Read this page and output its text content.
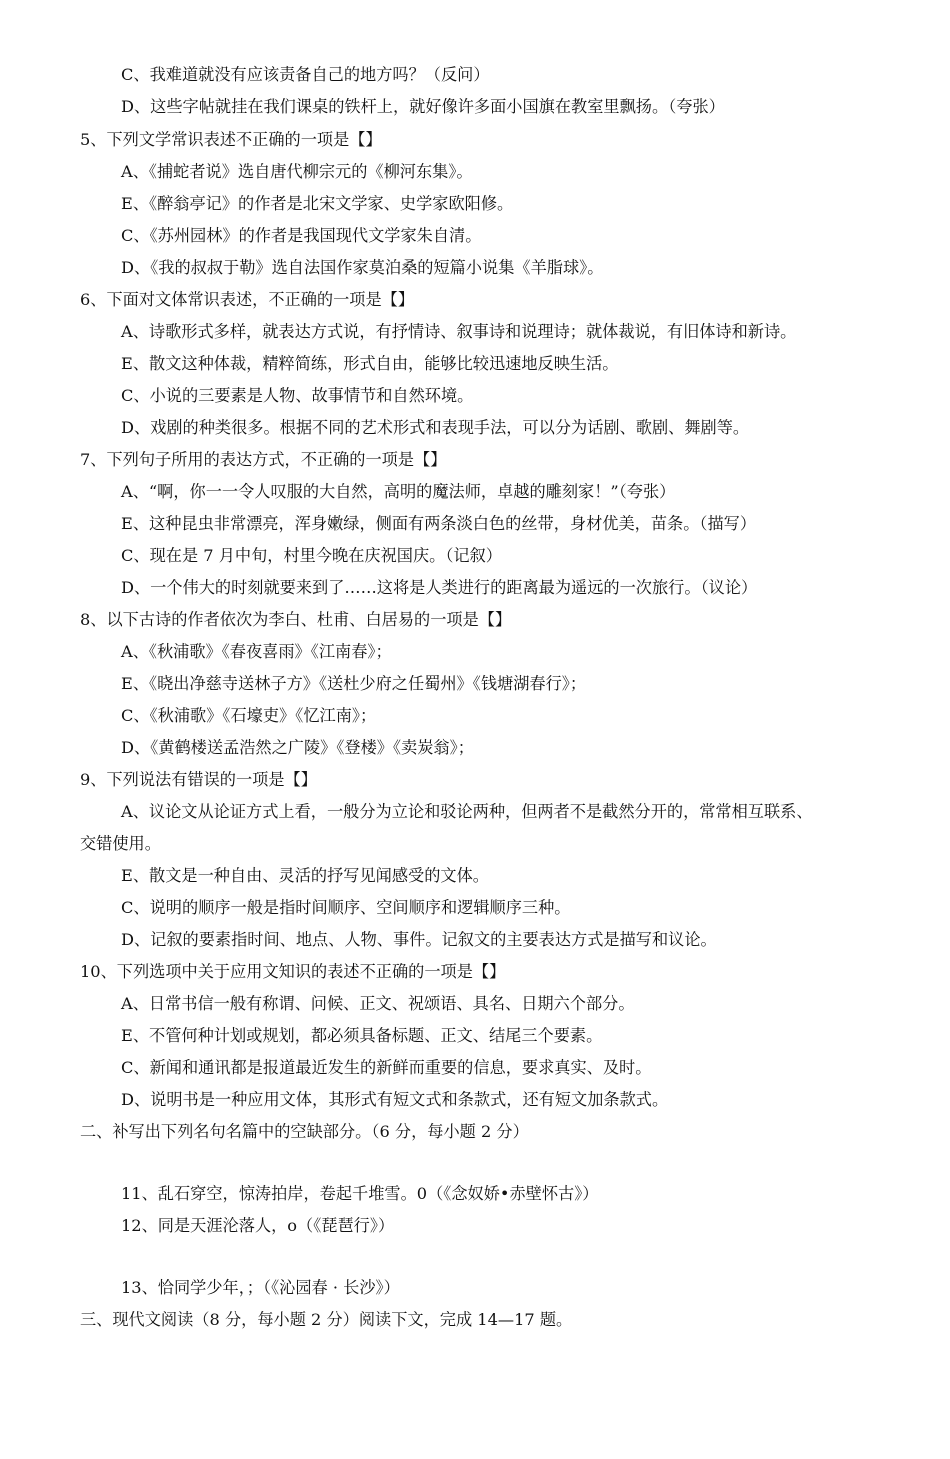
C、我难道就没有应该责备自己的地方吗？（反问）

D、这些字帖就挂在我们课桌的铁杆上，就好像许多面小国旗在教室里飘扬。（夸张）

5、下列文学常识表述不正确的一项是【】

A、《捕蛇者说》选自唐代柳宗元的《柳河东集》。

E、《醉翁亭记》的作者是北宋文学家、史学家欧阳修。

C、《苏州园林》的作者是我国现代文学家朱自清。

D、《我的叔叔于勒》选自法国作家莫泊桑的短篇小说集《羊脂球》。

6、下面对文体常识表述，不正确的一项是【】

A、诗歌形式多样，就表达方式说，有抒情诗、叙事诗和说理诗；就体裁说，有旧体诗和新诗。

E、散文这种体裁，精粹简练，形式自由，能够比较迅速地反映生活。

C、小说的三要素是人物、故事情节和自然环境。

D、戏剧的种类很多。根据不同的艺术形式和表现手法，可以分为话剧、歌剧、舞剧等。

7、下列句子所用的表达方式，不正确的一项是【】

A、“啊，你一一令人叹服的大自然，高明的魔法师，卓越的雕刻家！”（夸张）

E、这种昆虫非常漂亮，浑身嫩绿，侧面有两条淡白色的丝带，身材优美，苗条。（描写）

C、现在是 7 月中旬，村里今晚在庆祝国庆。（记叙）

D、一个伟大的时刻就要来到了……这将是人类进行的距离最为遥远的一次旅行。（议论）

8、以下古诗的作者依次为李白、杜甫、白居易的一项是【】

A、《秋浦歌》《春夜喜雨》《江南春》；

E、《晓出净慈寺送林子方》《送杜少府之任蜀州》《钱塘湖春行》；

C、《秋浦歌》《石壕吏》《忆江南》；

D、《黄鹤楼送孟浩然之广陵》《登楼》《卖炭翁》；

9、下列说法有错误的一项是【】

A、议论文从论证方式上看，一般分为立论和驳论两种，但两者不是截然分开的，常常相互联系、

交错使用。

E、散文是一种自由、灵活的抒写见闻感受的文体。

C、说明的顺序一般是指时间顺序、空间顺序和逻辑顺序三种。

D、记叙的要素指时间、地点、人物、事件。记叙文的主要表达方式是描写和议论。

10、下列选项中关于应用文知识的表述不正确的一项是【】

A、日常书信一般有称谓、问候、正文、祝颂语、具名、日期六个部分。

E、不管何种计划或规划，都必须具备标题、正文、结尾三个要素。

C、新闻和通讯都是报道最近发生的新鲜而重要的信息，要求真实、及时。

D、说明书是一种应用文体，其形式有短文式和条款式，还有短文加条款式。

二、补写出下列名句名篇中的空缺部分。（6 分，每小题 2 分）

11、乱石穿空，惊涛拍岸，卷起千堆雪。0（《念奴娇•赤壁怀古》）

12、同是天涯沦落人，o（《琵琶行》）

13、恰同学少年，；（《沁园春 · 长沙》）

三、现代文阅读（8 分，每小题 2 分）阅读下文，完成 14—17 题。
